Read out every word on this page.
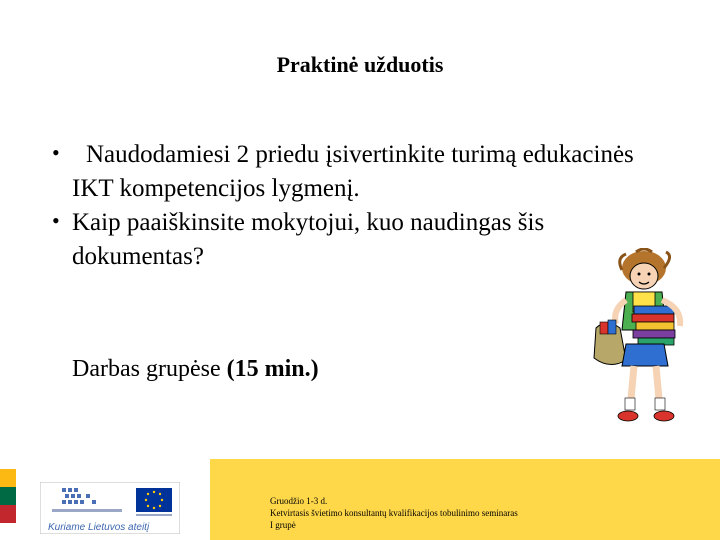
Praktinė užduotis
• Naudodamiesi 2 priedu įsivertinkite turimą edukacinės IKT kompetencijos lygmenį.
• Kaip paaiškinsite mokytojui, kuo naudingas šis dokumentas?
Darbas grupėse (15 min.)
Kuriame Lietuvos ateitį
Gruodžio 1-3 d.
Ketvirtasis švietimo konsultantų kvalifikacijos tobulinimo seminaras
I grupė
